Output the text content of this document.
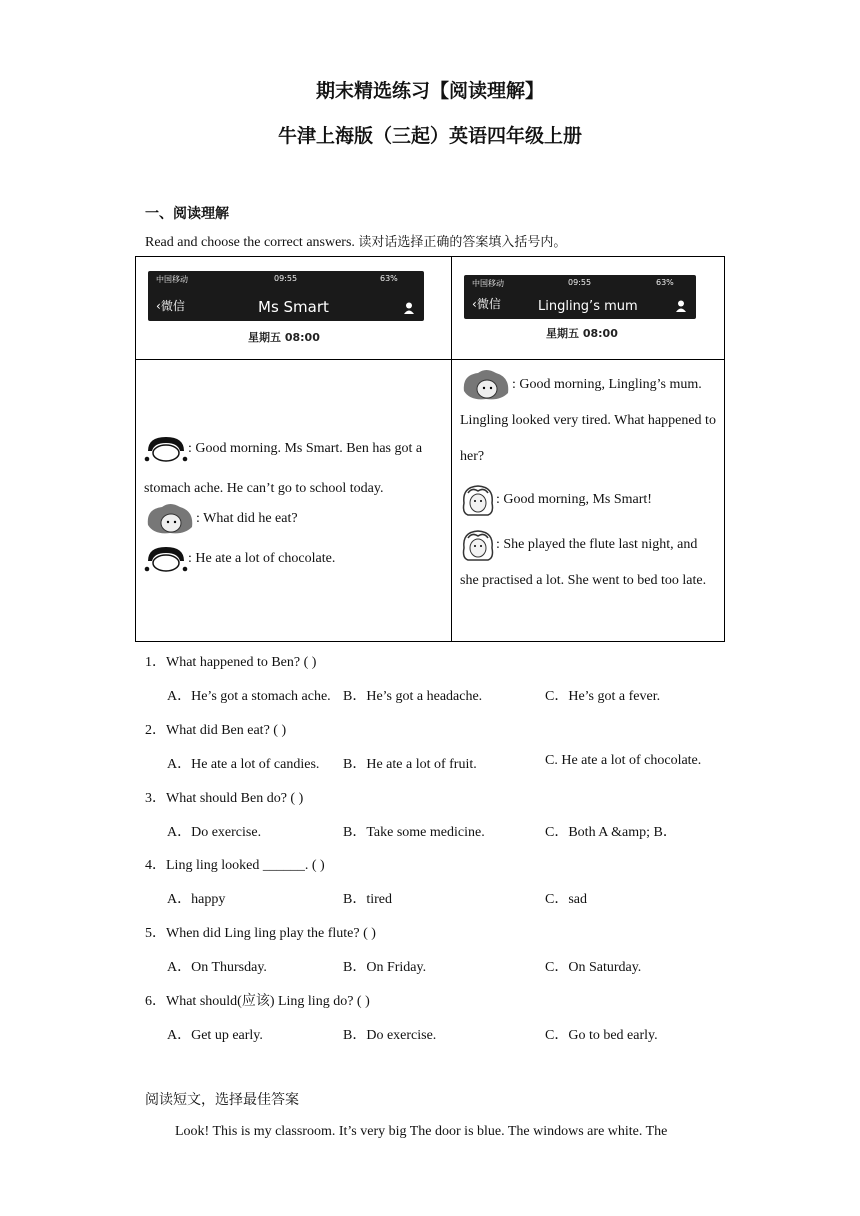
期末精选练习【阅读理解】
牛津上海版（三起）英语四年级上册
一、阅读理解
Read and choose the correct answers. 读对话选择正确的答案填入括号内。
中国移动	09:55	63%
‹微信	Ms Smart
星期五 08:00
中国移动	09:55	63%
‹微信	Lingling’s mum
星期五 08:00
: Good morning. Ms Smart. Ben has got a stomach ache. He can’t go to school today.
: What did he eat?
: He ate a lot of chocolate.
: Good morning, Lingling’s mum. Lingling looked very tired. What happened to her?
: Good morning, Ms Smart!
: She played the flute last night, and she practised a lot. She went to bed too late.
1．What happened to Ben? ( )
A．He’s got a stomach ache. B．He’s got a headache.	C．He’s got a fever.
2．What did Ben eat? ( )
A．He ate a lot of candies. B．He ate a lot of fruit.	C. He ate a lot of chocolate.
3．What should Ben do? ( )
A．Do exercise.	B．Take some medicine.	C．Both A &amp; B．
4．Ling ling looked ______. ( )
A．happy	B．tired	C．sad
5．When did Ling ling play the flute? ( )
A．On Thursday.	B．On Friday.	C．On Saturday.
6．What should(应该) Ling ling do? ( )
A．Get up early.	B．Do exercise.	C．Go to bed early.
阅读短文，选择最佳答案
Look! This is my classroom. It’s very big The door is blue. The windows are white. The
